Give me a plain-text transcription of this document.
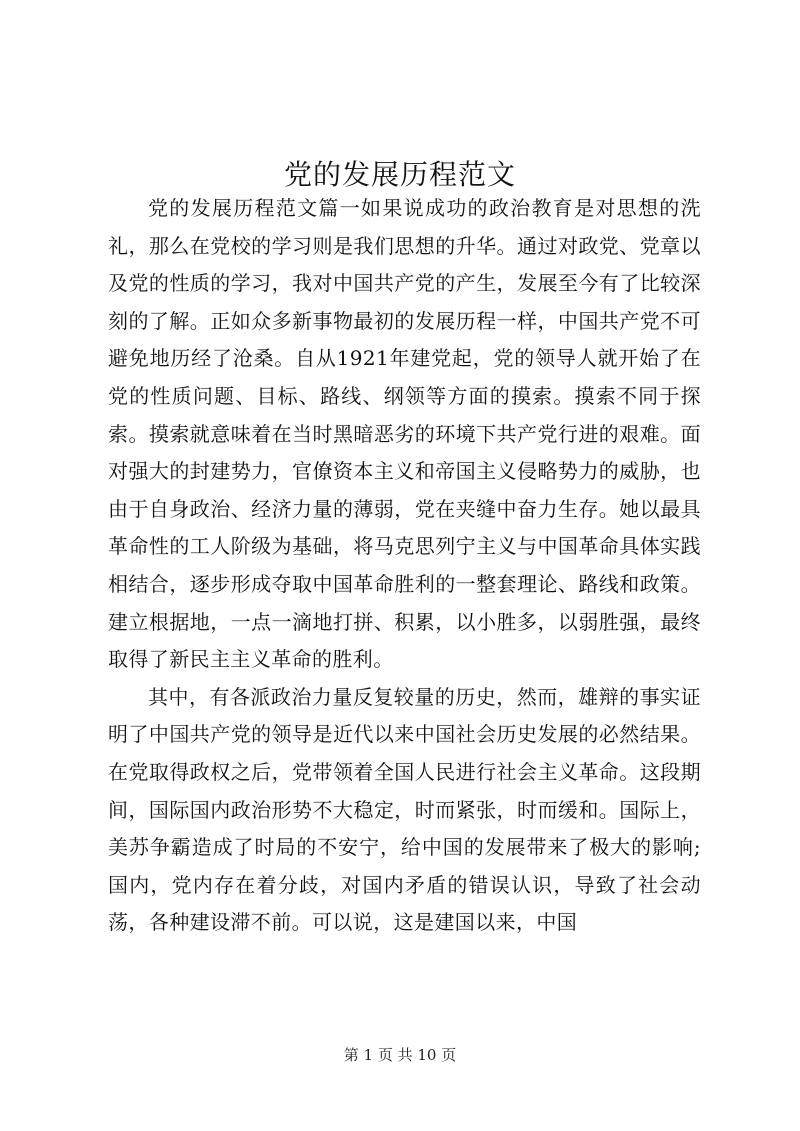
党的发展历程范文

党的发展历程范文篇一如果说成功的政治教育是对思想的洗礼，那么在党校的学习则是我们思想的升华。通过对政党、党章以及党的性质的学习，我对中国共产党的产生，发展至今有了比较深刻的了解。正如众多新事物最初的发展历程一样，中国共产党不可避免地历经了沧桑。自从1921年建党起，党的领导人就开始了在党的性质问题、目标、路线、纲领等方面的摸索。摸索不同于探索。摸索就意味着在当时黑暗恶劣的环境下共产党行进的艰难。面对强大的封建势力，官僚资本主义和帝国主义侵略势力的威胁，也由于自身政治、经济力量的薄弱，党在夹缝中奋力生存。她以最具革命性的工人阶级为基础，将马克思列宁主义与中国革命具体实践相结合，逐步形成夺取中国革命胜利的一整套理论、路线和政策。建立根据地，一点一滴地打拼、积累，以小胜多，以弱胜强，最终取得了新民主主义革命的胜利。

其中，有各派政治力量反复较量的历史，然而，雄辩的事实证明了中国共产党的领导是近代以来中国社会历史发展的必然结果。在党取得政权之后，党带领着全国人民进行社会主义革命。这段期间，国际国内政治形势不大稳定，时而紧张，时而缓和。国际上，美苏争霸造成了时局的不安宁，给中国的发展带来了极大的影响;国内，党内存在着分歧，对国内矛盾的错误认识，导致了社会动荡，各种建设滞不前。可以说，这是建国以来，中国

第 1 页 共 10 页
